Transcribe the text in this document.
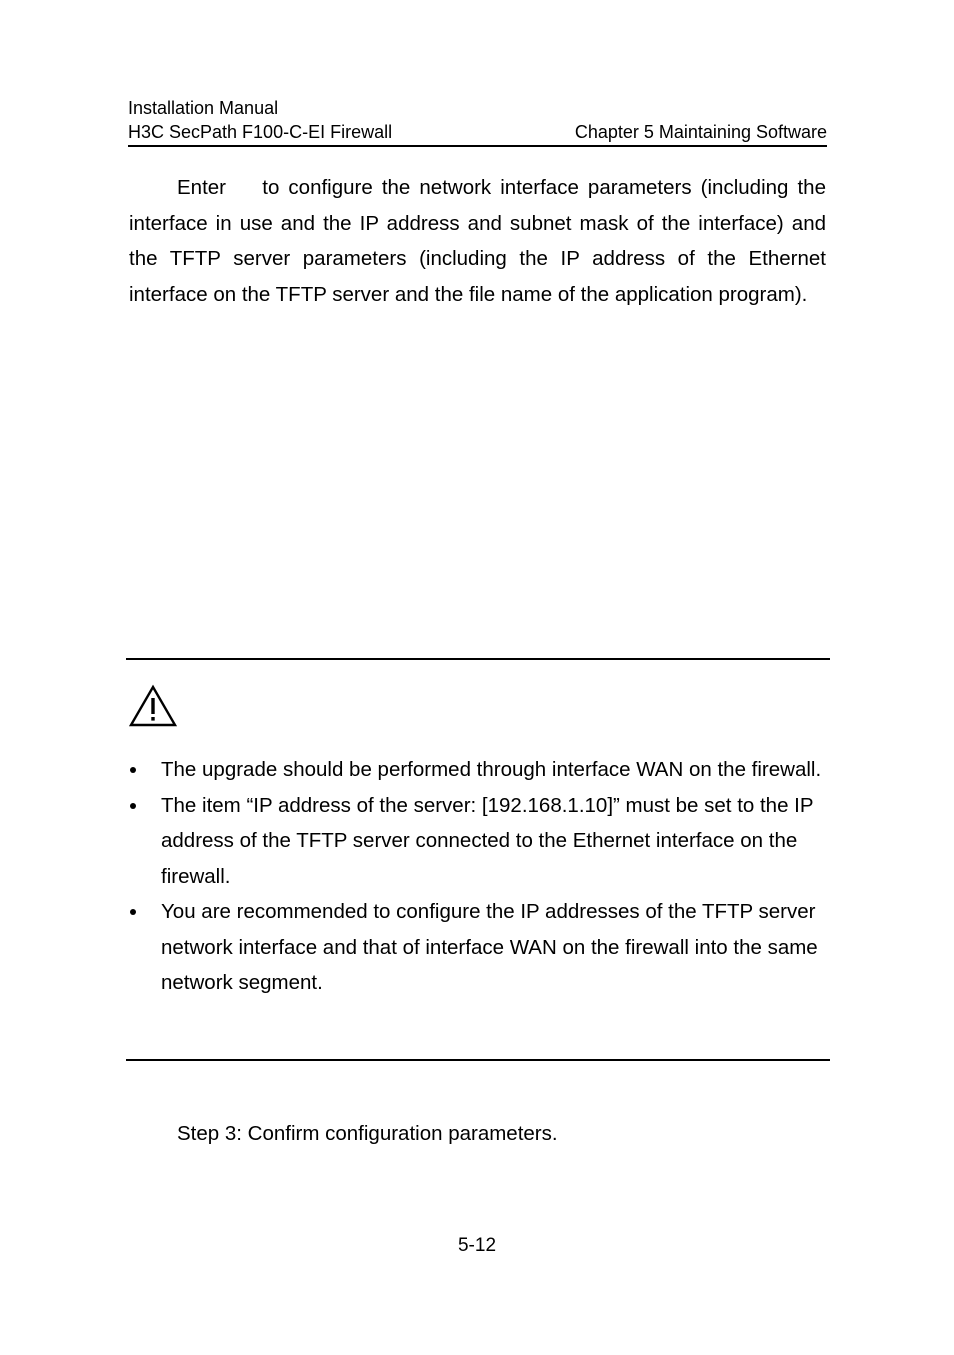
Installation Manual
H3C SecPath F100-C-EI Firewall	Chapter 5 Maintaining Software

Enter    to configure the network interface parameters (including the interface in use and the IP address and subnet mask of the interface) and the TFTP server parameters (including the IP address of the Ethernet interface on the TFTP server and the file name of the application program).

The upgrade should be performed through interface WAN on the firewall.
The item “IP address of the server: [192.168.1.10]” must be set to the IP address of the TFTP server connected to the Ethernet interface on the firewall.
You are recommended to configure the IP addresses of the TFTP server network interface and that of interface WAN on the firewall into the same network segment.

Step 3: Confirm configuration parameters.

5-12
